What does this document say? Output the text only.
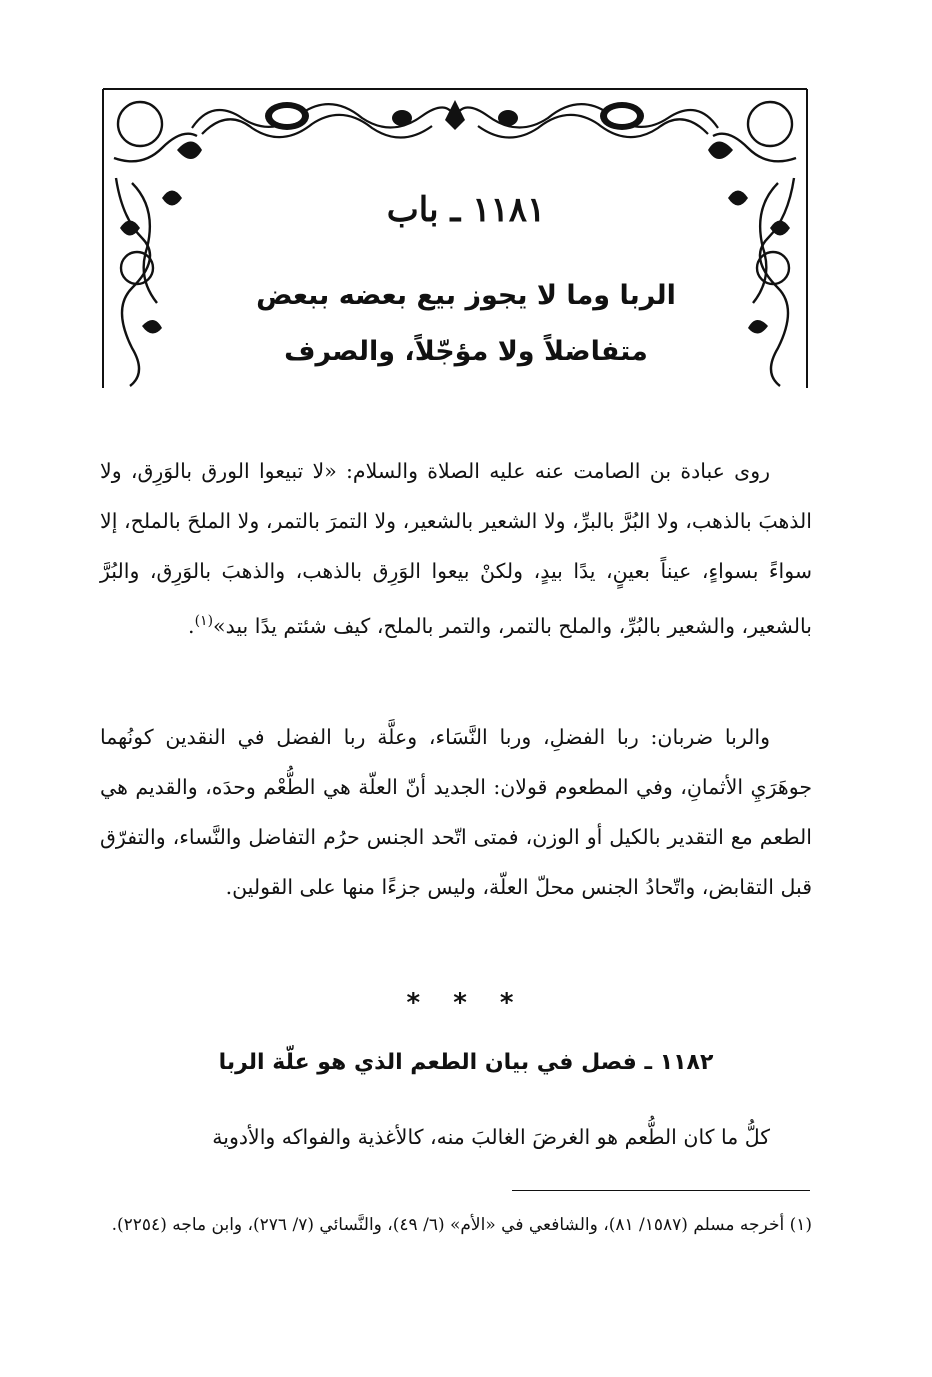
١١٨١ ـ باب
الربا وما لا يجوز بيع بعضه ببعض
متفاضلاً ولا مؤجّلاً، والصرف
روى عبادة بن الصامت عنه عليه الصلاة والسلام: «لا تبيعوا الورق بالوَرِق، ولا الذهبَ بالذهب، ولا البُرَّ بالبرِّ، ولا الشعير بالشعير، ولا التمرَ بالتمر، ولا الملحَ بالملح، إلا سواءً بسواءٍ، عيناً بعينٍ، يدًا بيدٍ، ولكنْ بيعوا الوَرِق بالذهب، والذهبَ بالوَرِق، والبُرَّ بالشعير، والشعير بالبُرِّ، والملح بالتمر، والتمر بالملح، كيف شئتم يدًا بيد»$^{(١)}$.
والربا ضربان: ربا الفضلِ، وربا النَّسَاء، وعلَّة ربا الفضل في النقدين كونُهما جوهَرَيِ الأثمانِ، وفي المطعوم قولان: الجديد أنّ العلّة هي الطُّعْم وحدَه، والقديم هي الطعم مع التقدير بالكيل أو الوزن، فمتى اتّحد الجنس حرُم التفاضل والنَّساء، والتفرّق قبل التقابض، واتّحادُ الجنس محلّ العلّة، وليس جزءًا منها على القولين.
* * *
١١٨٢ ـ فصل في بيان الطعم الذي هو علّة الربا
كلُّ ما كان الطُّعم هو الغرضَ الغالبَ منه، كالأغذية والفواكه والأدوية
(١) أخرجه مسلم (١٥٨٧/ ٨١)، والشافعي في «الأم» (٦/ ٤٩)، والنَّسائي (٧/ ٢٧٦)، وابن ماجه (٢٢٥٤).
